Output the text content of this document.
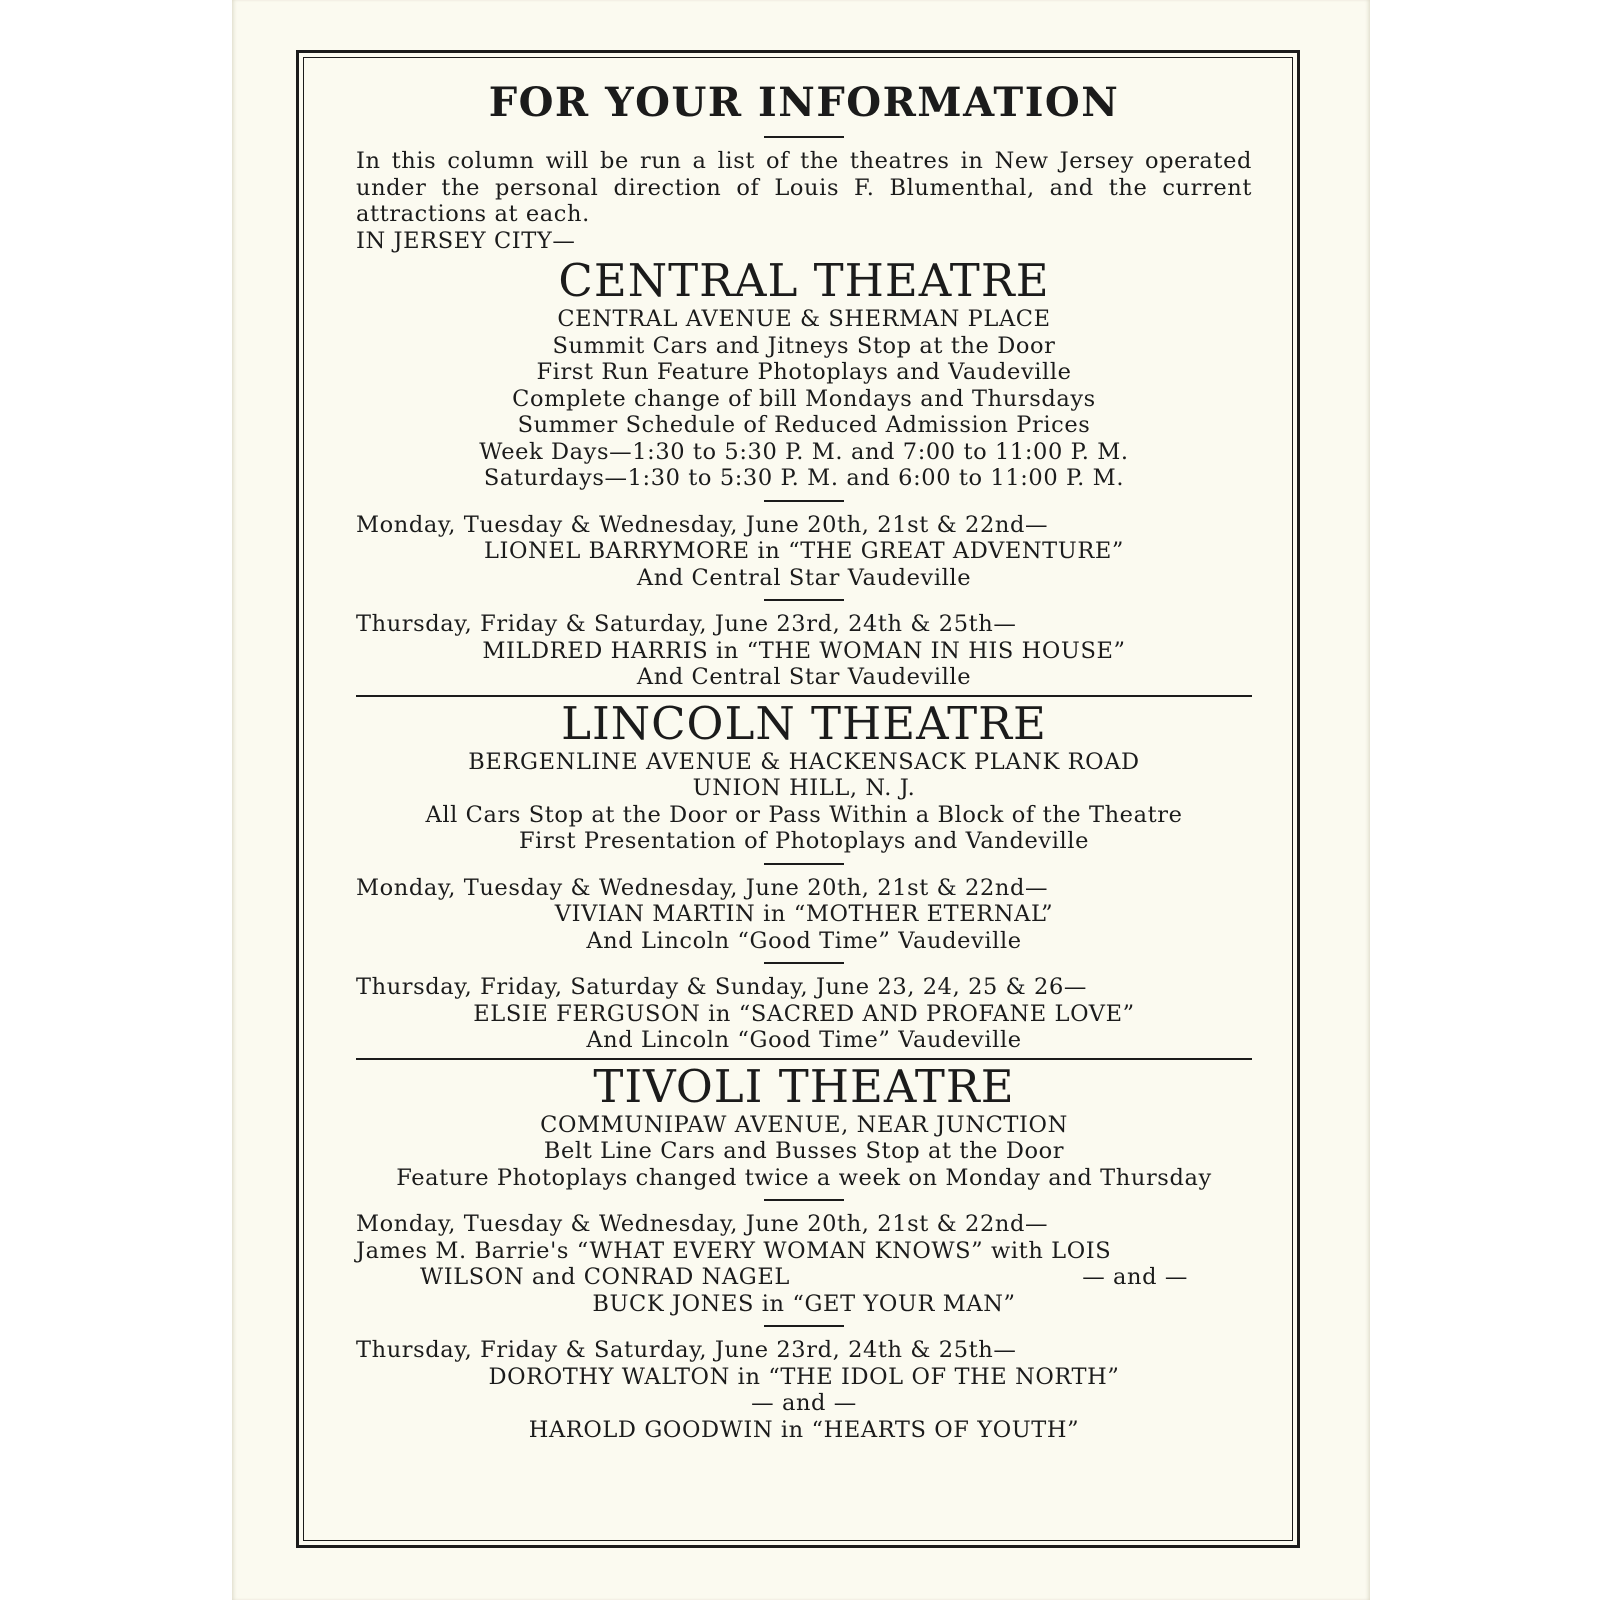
FOR YOUR INFORMATION

In this column will be run a list of the theatres in New Jersey operated under the personal direction of Louis F. Blumenthal, and the current attractions at each.

IN JERSEY CITY—

CENTRAL THEATRE

CENTRAL AVENUE & SHERMAN PLACE

Summit Cars and Jitneys Stop at the Door

First Run Feature Photoplays and Vaudeville

Complete change of bill Mondays and Thursdays

Summer Schedule of Reduced Admission Prices

Week Days—1:30 to 5:30 P. M. and 7:00 to 11:00 P. M.

Saturdays—1:30 to 5:30 P. M. and 6:00 to 11:00 P. M.

Monday, Tuesday & Wednesday, June 20th, 21st & 22nd—

LIONEL BARRYMORE in “THE GREAT ADVENTURE”

And Central Star Vaudeville

Thursday, Friday & Saturday, June 23rd, 24th & 25th—

MILDRED HARRIS in “THE WOMAN IN HIS HOUSE”

And Central Star Vaudeville

LINCOLN THEATRE

BERGENLINE AVENUE & HACKENSACK PLANK ROAD

UNION HILL, N. J.

All Cars Stop at the Door or Pass Within a Block of the Theatre

First Presentation of Photoplays and Vandeville

Monday, Tuesday & Wednesday, June 20th, 21st & 22nd—

VIVIAN MARTIN in “MOTHER ETERNAL”

And Lincoln “Good Time” Vaudeville

Thursday, Friday, Saturday & Sunday, June 23, 24, 25 & 26—

ELSIE FERGUSON in “SACRED AND PROFANE LOVE”

And Lincoln “Good Time” Vaudeville

TIVOLI THEATRE

COMMUNIPAW AVENUE, NEAR JUNCTION

Belt Line Cars and Busses Stop at the Door

Feature Photoplays changed twice a week on Monday and Thursday

Monday, Tuesday & Wednesday, June 20th, 21st & 22nd—

James M. Barrie's “WHAT EVERY WOMAN KNOWS” with LOIS

WILSON and CONRAD NAGEL	— and —

BUCK JONES in “GET YOUR MAN”

Thursday, Friday & Saturday, June 23rd, 24th & 25th—

DOROTHY WALTON in “THE IDOL OF THE NORTH”

— and —

HAROLD GOODWIN in “HEARTS OF YOUTH”
